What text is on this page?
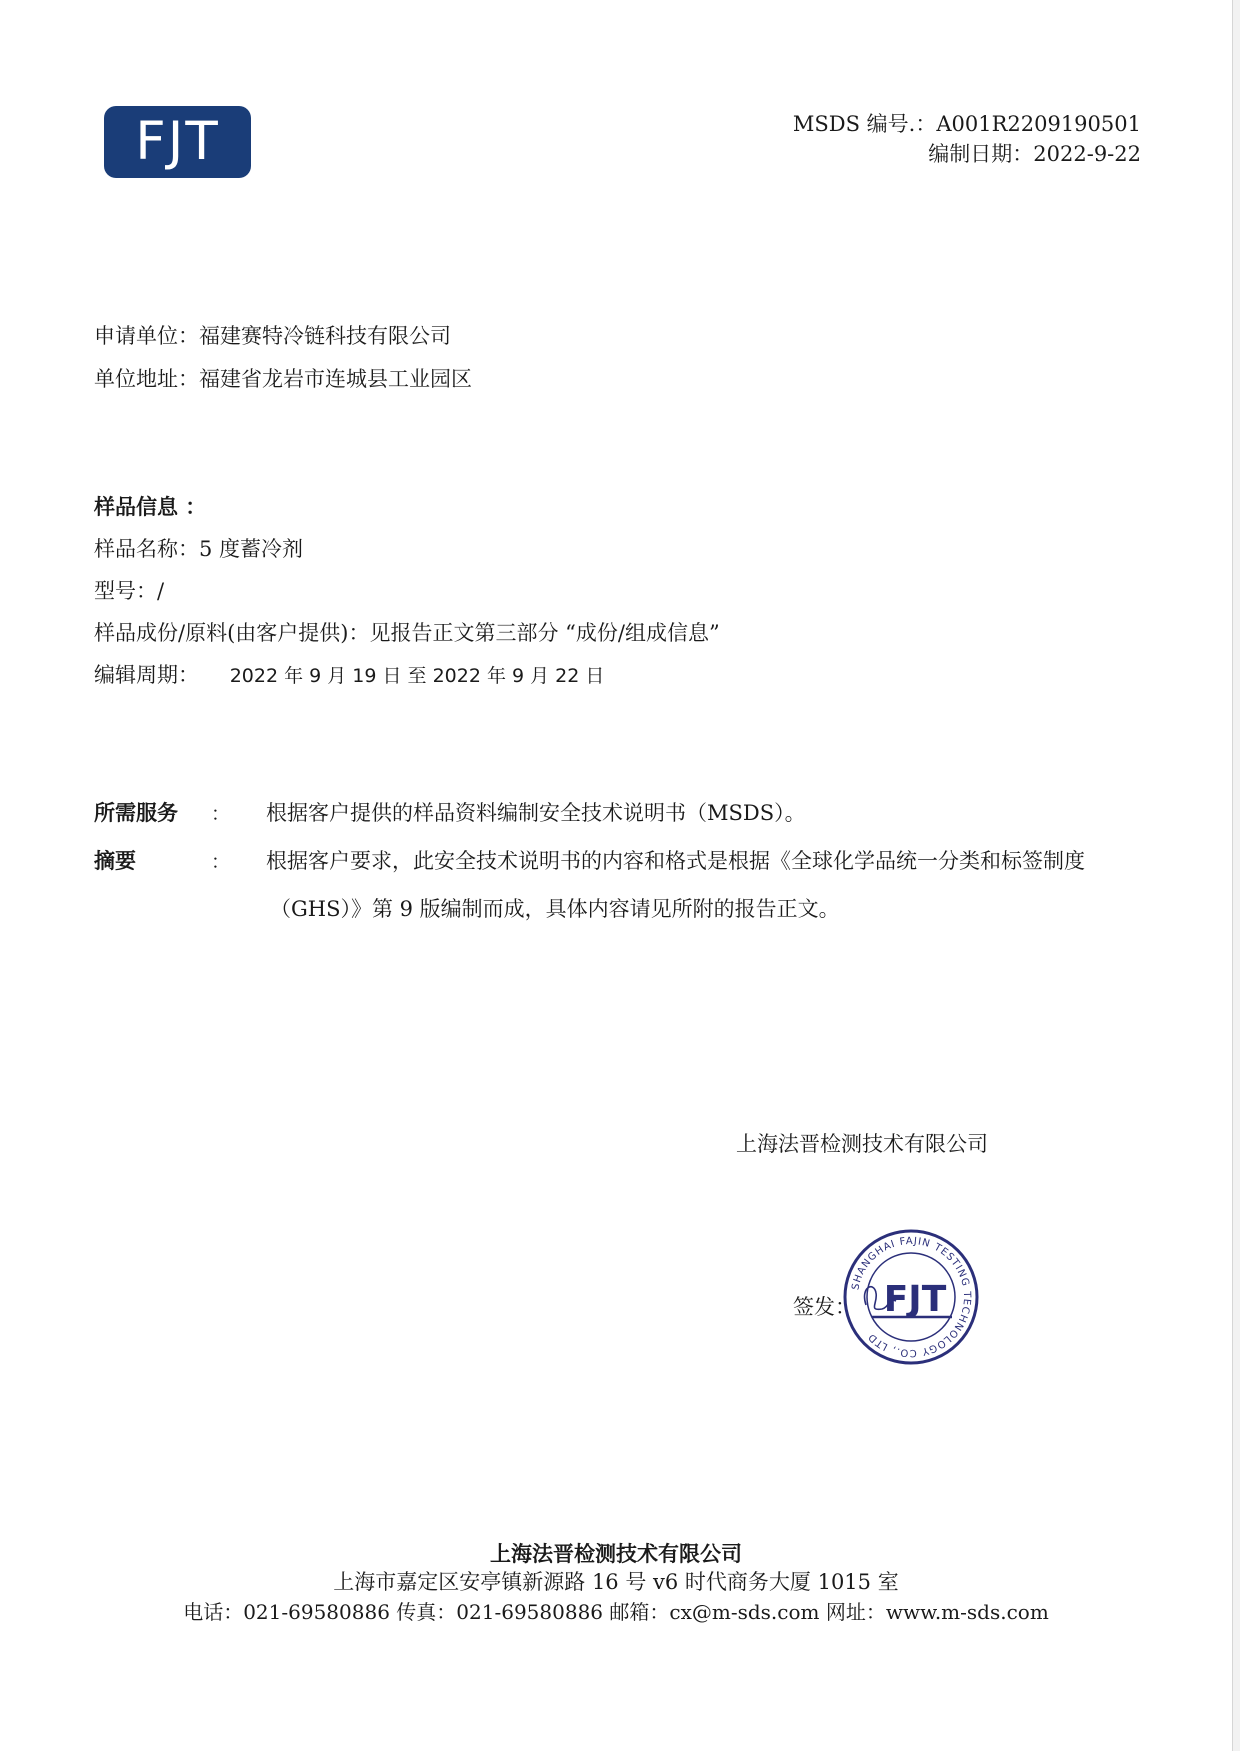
FJT	MSDS 编号.：A001R2209190501
编制日期：2022-9-22
申请单位：福建赛特冷链科技有限公司
单位地址：福建省龙岩市连城县工业园区
样品信息 ：
样品名称：5 度蓄冷剂
型号：/
样品成份/原料(由客户提供)：见报告正文第三部分 “成份/组成信息”
编辑周期： 2022 年 9 月 19 日 至 2022 年 9 月 22 日
所需服务 ： 根据客户提供的样品资料编制安全技术说明书（MSDS）。
摘要	： 根据客户要求，此安全技术说明书的内容和格式是根据《全球化学品统一分类和标签制度
（GHS）》第 9 版编制而成，具体内容请见所附的报告正文。
上海法晋检测技术有限公司
签发：
SHANGHAI FAJIN TESTING TECHNOLOGY CO., LTD
FJT
上海法晋检测技术有限公司
上海市嘉定区安亭镇新源路 16 号 v6 时代商务大厦 1015 室
电话：021-69580886 传真：021-69580886 邮箱：cx@m-sds.com 网址：www.m-sds.com
